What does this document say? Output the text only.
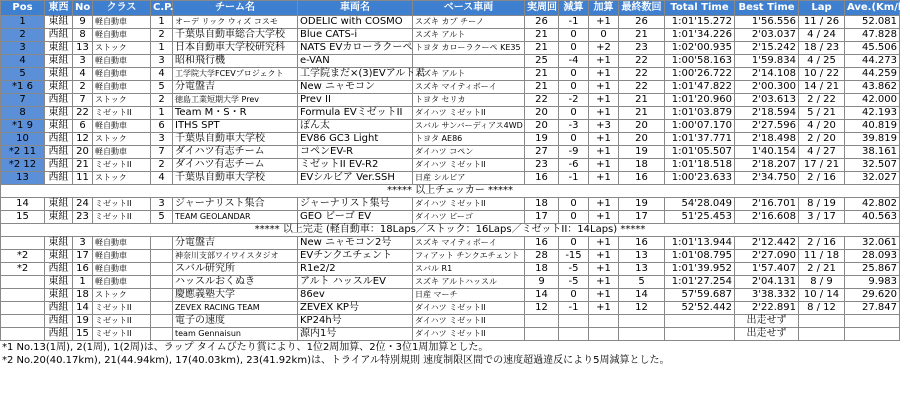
Pos	東西	No	クラス	C.P.	チーム名	車両名	ベース車両	実周回	減算	加算	最終数回	Total Time	Best Time	Lap	Ave.(Km/h)
1	東組	9	軽自動車	1	オーデ リック ウィズ コスモ	ODELIC with COSMO	スズキ カプ チーノ	26	-1	+1	26	1:01'15.272	1'56.556	11 / 26	52.081
2	西組	8	軽自動車	2	千葉県自動車総合大学校	Blue CATS-i	スズキ アルト	21	0	0	21	1:01'34.226	2'03.037	4 / 24	47.828
3	東組	13	ストック	1	日本自動車大学校研究科	NATS EVカローラクーペ	トヨタ カローラクーペ KE35	21	0	+2	23	1:02'00.935	2'15.242	18 / 23	45.506
4	東組	3	軽自動車	3	昭和飛行機	e-VAN		25	-4	+1	22	1:00'58.163	1'59.834	4 / 25	44.273
5	東組	4	軽自動車	4	工学院大学FCEVプロジェクト	工学院まだ×(3)EVアルト君	スズキ アルト	21	0	+1	22	1:00'26.722	2'14.108	10 / 22	44.259
*1 6	東組	2	軽自動車	5	分電盤吉	New ニャモコン	スズキ マイティボーイ	21	0	+1	22	1:01'47.822	2'00.300	14 / 21	43.862
7	西組	7	ストック	2	徳島工業短期大学 Prev	Prev II	トヨタ セリカ	22	-2	+1	21	1:01'20.960	2'03.613	2 / 22	42.000
8	東組	22	ミゼットII	1	Team M・S・R	Formula EVミゼットII	ダイハツ ミゼットII	20	0	+1	21	1:01'03.879	2'18.594	5 / 21	42.193
*1 9	東組	6	軽自動車	6	ITHS SPT	ぽん太	スバル サンバーディアス4WD	20	-3	+3	20	1:00'07.170	2'27.596	4 / 20	40.819
10	西組	12	ストック	3	千葉県自動車大学校	EV86 GC3 Light	トヨタ AE86	19	0	+1	20	1:01'37.771	2'18.498	2 / 20	39.819
*2 11	西組	20	軽自動車	7	ダイハツ有志チーム	コペンEV-R	ダイハツ コペン	27	-9	+1	19	1:01'05.507	1'40.154	4 / 27	38.161
*2 12	西組	21	ミゼットII	2	ダイハツ有志チーム	ミゼットII EV-R2	ダイハツ ミゼットII	23	-6	+1	18	1:01'18.518	2'18.207	17 / 21	32.507
13	西組	11	ストック	4	千葉県自動車大学校	EVシルビア Ver.SSH	日産 シルビア	16	-1	+1	16	1:00'23.633	2'34.750	2 / 16	32.027
***** 以上チェッカー *****															
14	東組	24	ミゼットII	3	ジャーナリスト集合	ジャーナリスト集号	ダイハツ ミゼットII	18	0	+1	19	54'28.049	2'16.701	8 / 19	42.802
15	東組	23	ミゼットII	5	TEAM GEOLANDAR	GEO ビーゴ EV	ダイハツ ビーゴ	17	0	+1	17	51'25.453	2'16.608	3 / 17	40.563
***** 以上完走 (軽自動車：18Laps／ストック：16Laps／ミゼットII：14Laps) *****															
	東組	3	軽自動車		分電盤吉	New ニャモコン2号	スズキ マイティボーイ	16	0	+1	16	1:01'13.944	2'12.442	2 / 16	32.061
*2	東組	17	軽自動車		神奈川支部ワイワイスタジオ	EVチンクエチェント	フィアット チンクエチェント	28	-15	+1	13	1:01'08.795	2'27.090	11 / 18	28.093
*2	西組	16	軽自動車		スバル研究所	R1e2/2	スバル R1	18	-5	+1	13	1:01'39.952	1'57.407	2 / 21	25.867
	東組	1	軽自動車		ハッスルおくぬき	アルト ハッスルEV	スズキ アルトハッスル	9	-5	+1	5	1:01'27.254	2'04.131	8 / 9	9.983
	東組	18	ストック		慶應義塾大学	86ev	日産 マーチ	14	0	+1	14	57'59.687	3'38.332	10 / 14	29.620
	西組	14	ミゼットII		ZEVEX RACING TEAM	ZEVEX KP号	ダイハツ ミゼットII	12	-1	+1	12	52'52.442	2'22.891	8 / 12	27.847
	西組	19	ミゼットII		電子の速度	KP24h号	ダイハツ ミゼットII						出走せず		
	西組	15	ミゼットII		team Gennaisun	源内1号	ダイハツ ミゼットII						出走せず		
*1 No.13(1周), 2(1周), 1(2周)は、ラップ タイムびたり賞により、1位2周加算、2位・3位1周加算とした。
*2 No.20(40.17km), 21(44.94km), 17(40.03km), 23(41.92km)は、トライアル特別規則 速度制限区間での速度超過違反により5周減算とした。
